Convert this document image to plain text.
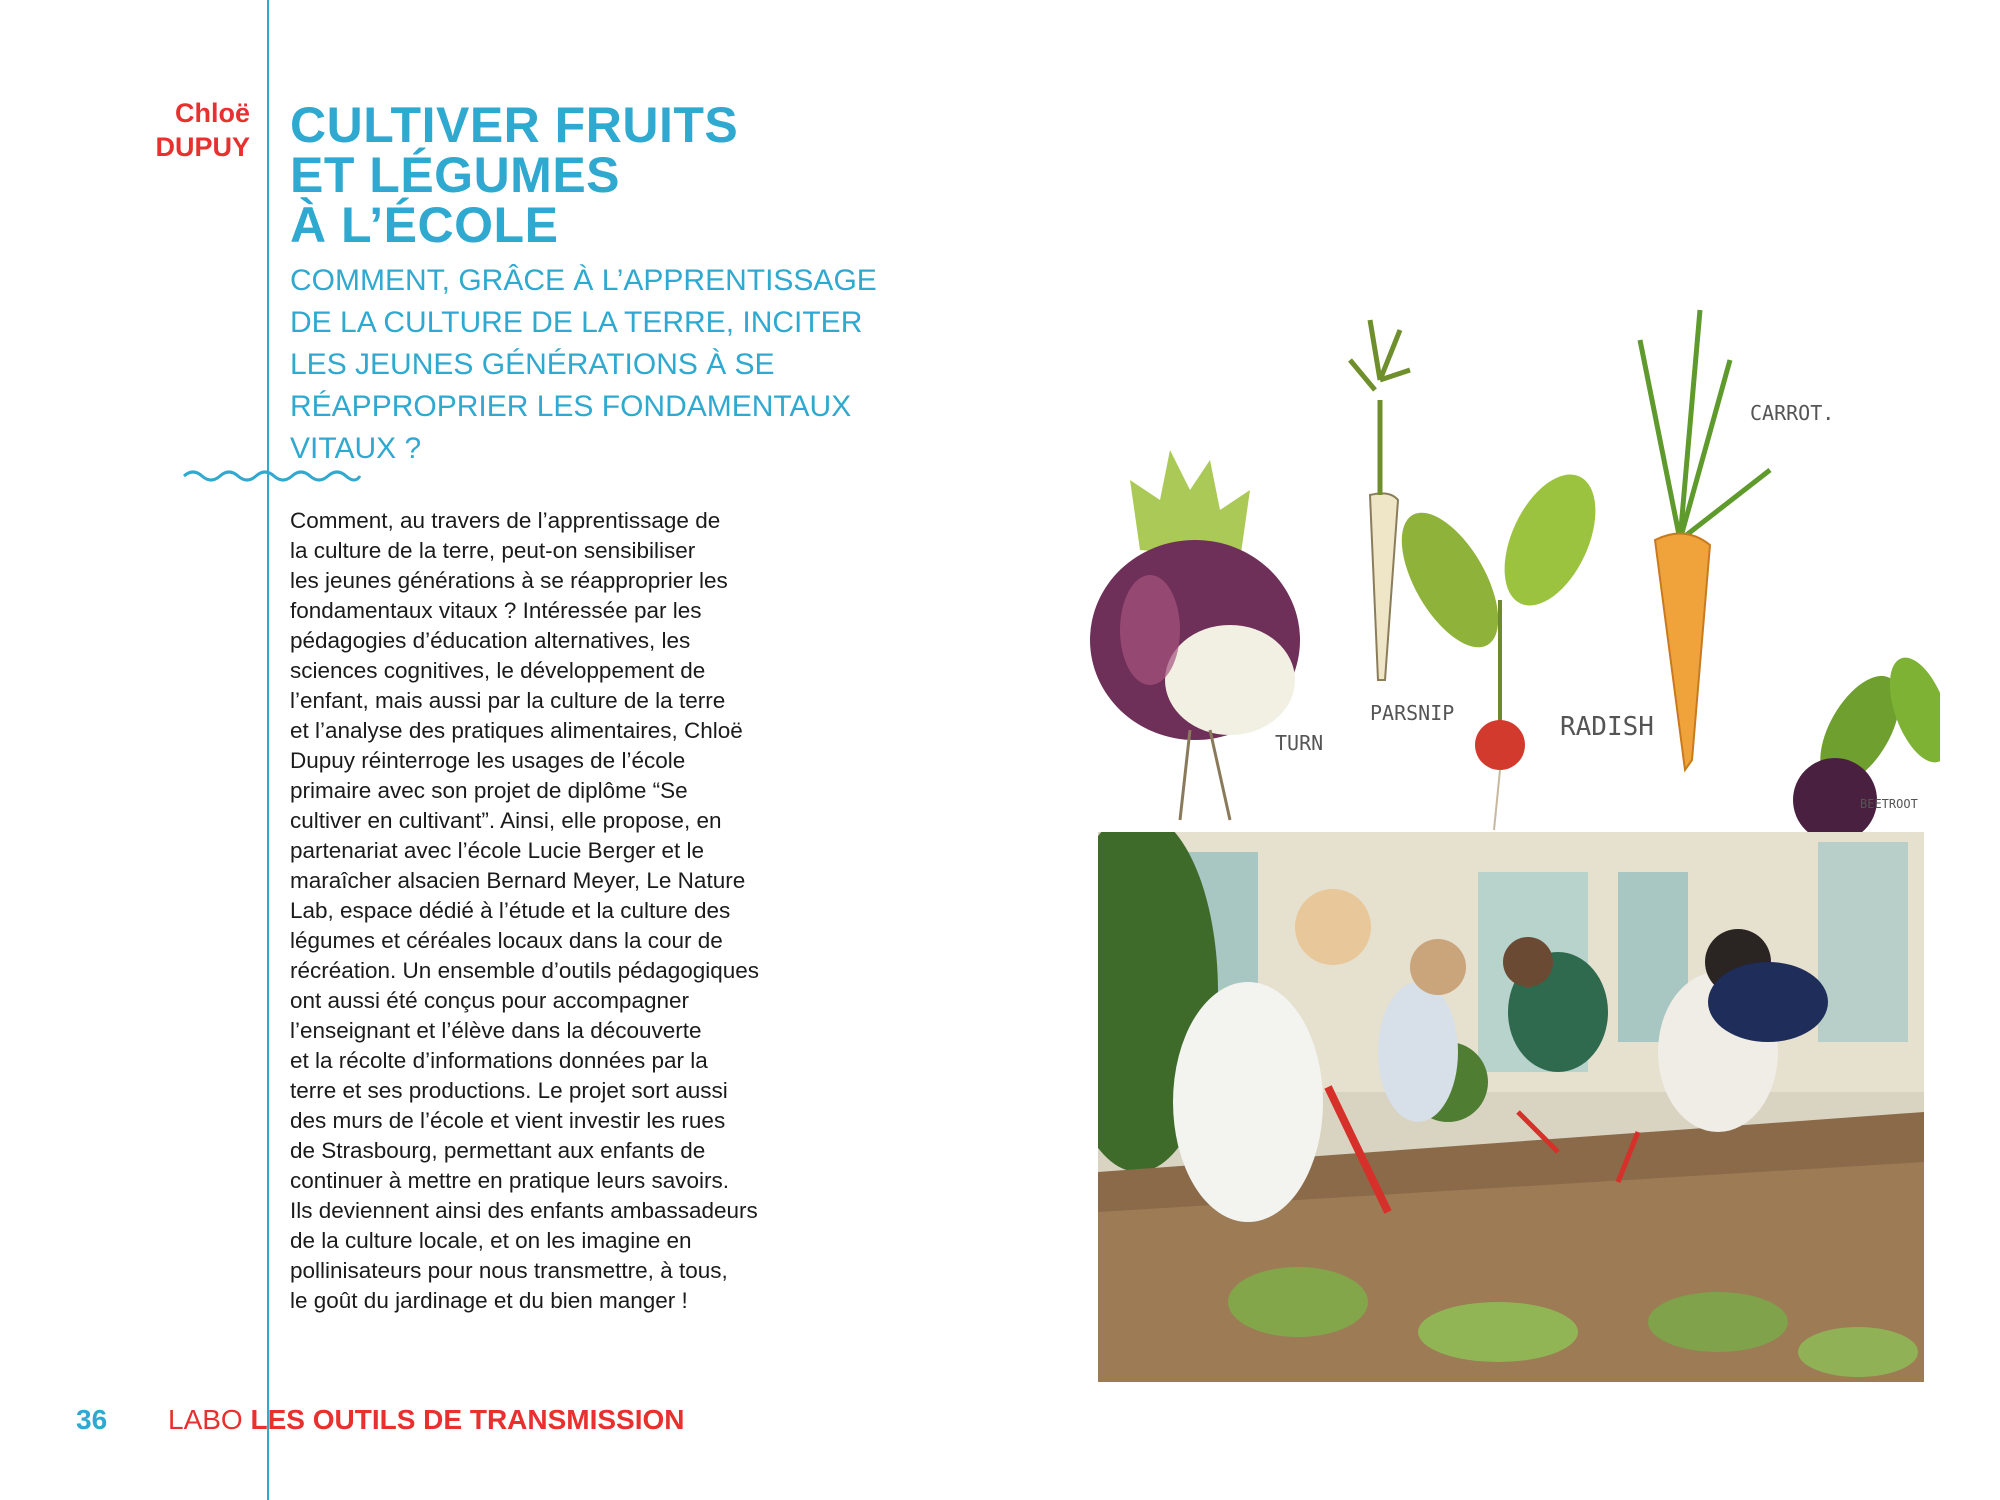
Chloë
DUPUY CULTIVER FRUITS
ET LÉGUMES
À L’ÉCOLE
COMMENT, GRÂCE À L’APPRENTISSAGE
DE LA CULTURE DE LA TERRE, INCITER
LES JEUNES GÉNÉRATIONS À SE
RÉAPPROPRIER LES FONDAMENTAUX
VITAUX ?
Comment, au travers de l’apprentissage de
la culture de la terre, peut-on sensibiliser
les jeunes générations à se réapproprier les
fondamentaux vitaux ? Intéressée par les
pédagogies d’éducation alternatives, les
sciences cognitives, le développement de
l’enfant, mais aussi par la culture de la terre
et l’analyse des pratiques alimentaires, Chloë
Dupuy réinterroge les usages de l’école
primaire avec son projet de diplôme “Se
cultiver en cultivant”. Ainsi, elle propose, en
partenariat avec l’école Lucie Berger et le
maraîcher alsacien Bernard Meyer, Le Nature
Lab, espace dédié à l’étude et la culture des
légumes et céréales locaux dans la cour de
récréation. Un ensemble d’outils pédagogiques
ont aussi été conçus pour accompagner
l’enseignant et l’élève dans la découverte
et la récolte d’informations données par la
terre et ses productions. Le projet sort aussi
des murs de l’école et vient investir les rues
de Strasbourg, permettant aux enfants de
continuer à mettre en pratique leurs savoirs.
Ils deviennent ainsi des enfants ambassadeurs
de la culture locale, et on les imagine en
pollinisateurs pour nous transmettre, à tous,
le goût du jardinage et du bien manger !
TURN
PARSNIP	RADISH
CARROT.
BEETROOT
36 LABO LES OUTILS DE TRANSMISSION
